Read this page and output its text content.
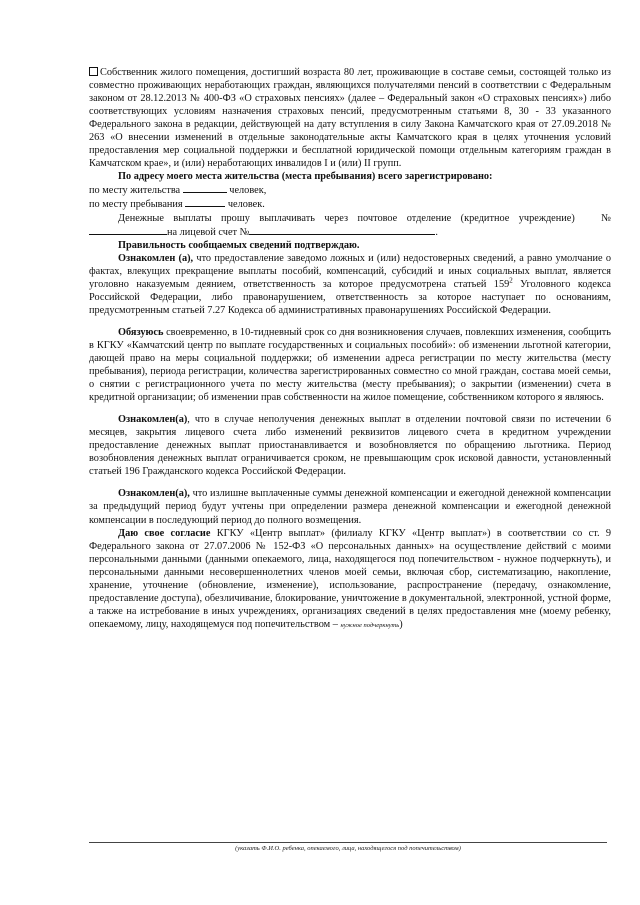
Собственник жилого помещения, достигший возраста 80 лет, проживающие в составе семьи, состоящей только из совместно проживающих неработающих граждан, являющихся получателями пенсий в соответствии с Федеральным законом от 28.12.2013 № 400-ФЗ «О страховых пенсиях» (далее – Федеральный закон «О страховых пенсиях») либо соответствующих условиям назначения страховых пенсий, предусмотренным статьями 8, 30 - 33 указанного Федерального закона в редакции, действующей на дату вступления в силу Закона Камчатского края от 27.09.2018 № 263 «О внесении изменений в отдельные законодательные акты Камчатского края в целях уточнения условий предоставления мер социальной поддержки и бесплатной юридической помощи отдельным категориям граждан в Камчатском крае», и (или) неработающих инвалидов I и (или) II групп.

По адресу моего места жительства (места пребывания) всего зарегистрировано:

по месту жительства	человек,

по месту пребывания	человек.

Денежные выплаты прошу выплачивать через почтовое отделение (кредитное учреждение) №на лицевой счет №	.

Правильность сообщаемых сведений подтверждаю.

Ознакомлен (а), что предоставление заведомо ложных и (или) недостоверных сведений, а равно умолчание о фактах, влекущих прекращение выплаты пособий, компенсаций, субсидий и иных социальных выплат, является уголовно наказуемым деянием, ответственность за которое предусмотрена статьей $159^2$ Уголовного кодекса Российской Федерации, либо правонарушением, ответственность за которое наступает по основаниям, предусмотренным статьей 7.27 Кодекса об административных правонарушениях Российской Федерации.

Обязуюсь своевременно, в 10-тидневный срок со дня возникновения случаев, повлекших изменения, сообщить в КГКУ «Камчатский центр по выплате государственных и социальных пособий»: об изменении льготной категории, дающей право на меры социальной поддержки; об изменении адреса регистрации по месту жительства (месту пребывания), периода регистрации, количества зарегистрированных совместно со мной граждан, состава моей семьи, о снятии с регистрационного учета по месту жительства (месту пребывания); о закрытии (изменении) счета в кредитной организации; об изменении прав собственности на жилое помещение, собственником которого я являюсь.

Ознакомлен(а), что в случае неполучения денежных выплат в отделении почтовой связи по истечении 6 месяцев, закрытия лицевого счета либо изменений реквизитов лицевого счета в кредитном учреждении предоставление денежных выплат приостанавливается и возобновляется по обращению льготника. Период возобновления денежных выплат ограничивается сроком, не превышающим срок исковой давности, установленный статьей 196 Гражданского кодекса Российской Федерации.

Ознакомлен(а), что излишне выплаченные суммы денежной компенсации и ежегодной денежной компенсации за предыдущий период будут учтены при определении размера денежной компенсации и ежегодной денежной компенсации в последующий период до полного возмещения.

Даю свое согласие КГКУ «Центр выплат» (филиалу КГКУ «Центр выплат») в соответствии со ст. 9 Федерального закона от 27.07.2006 № 152-ФЗ «О персональных данных» на осуществление действий с моими персональными данными (данными опекаемого, лица, находящегося под попечительством - нужное подчеркнуть), и персональными данными несовершеннолетних членов моей семьи, включая сбор, систематизацию, накопление, хранение, уточнение (обновление, изменение), использование, распространение (передачу, ознакомление, предоставление доступа), обезличивание, блокирование, уничтожение в документальной, электронной, устной форме, а также на истребование в иных учреждениях, организациях сведений в целях предоставления мне (моему ребенку, опекаемому, лицу, находящемуся под попечительством – нужное подчеркнуть)

(указать Ф.И.О. ребенка, опекаемого, лица, находящегося под попечительством)
